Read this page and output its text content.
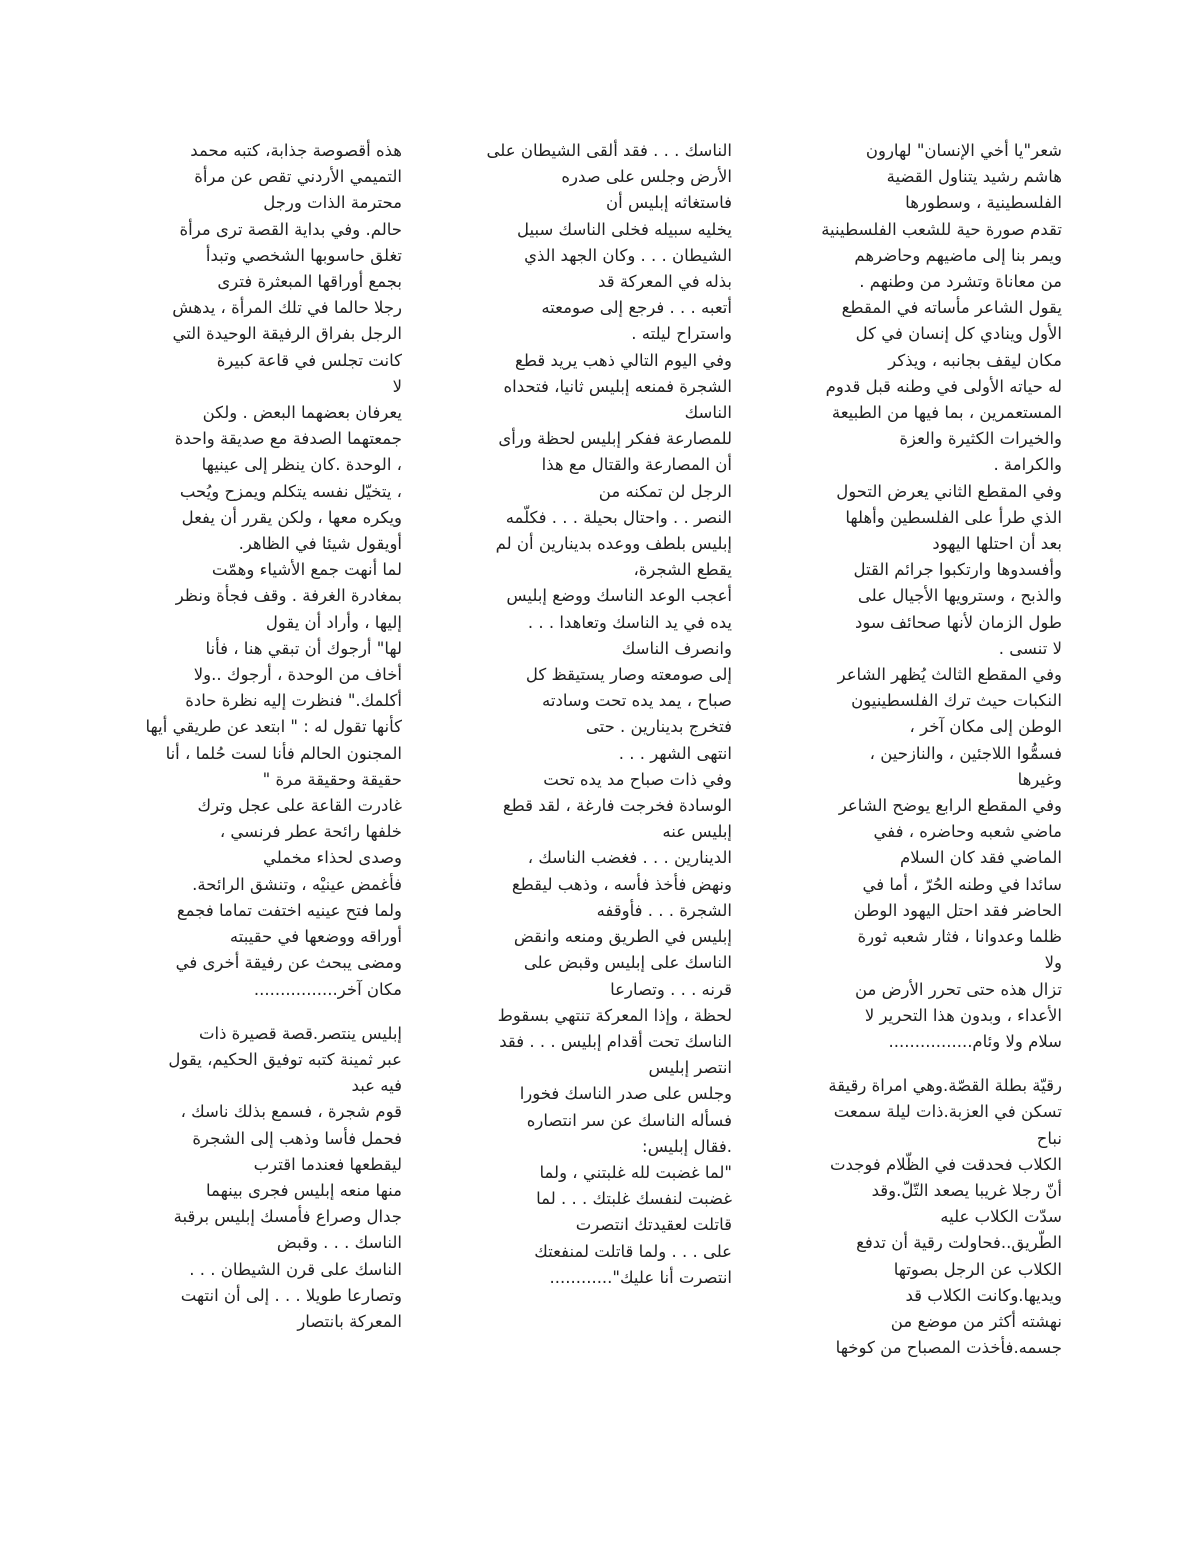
شعر"يا أخي الإنسان" لهارون

هاشم رشيد يتناول القضية

الفلسطينية ، وسطورها

تقدم صورة حية للشعب الفلسطينية

ويمر بنا إلى ماضيهم وحاضرهم

من معاناة وتشرد من وطنهم .

يقول الشاعر مأساته في المقطع

الأول وينادي كل إنسان في كل

مكان ليقف بجانبه ، ويذكر

له حياته الأولى في وطنه قبل قدوم

المستعمرين ، بما فيها من الطبيعة

والخيرات الكثيرة والعزة

والكرامة .

وفي المقطع الثاني يعرض التحول

الذي طرأ على الفلسطين وأهلها

بعد أن احتلها اليهود

وأفسدوها وارتكبوا جرائم القتل

والذبح ، وسترويها الأجيال على

طول الزمان لأنها صحائف سود

لا تنسى .

وفي المقطع الثالث يُظهر الشاعر

النكبات حيث ترك الفلسطينيون

الوطن إلى مكان آخر ،

فسمُّوا اللاجئين ، والنازحين ،

وغيرها

وفي المقطع الرابع يوضح الشاعر

ماضي شعبه وحاضره ، ففي

الماضي فقد كان السلام

سائدا في وطنه الحُرّ ، أما في

الحاضر فقد احتل اليهود الوطن

ظلما وعدوانا ، فثار شعبه ثورة

ولا

تزال هذه حتى تحرر الأرض من

الأعداء ، وبدون هذا التحرير لا

سلام ولا وئام................

رقيّة بطلة القصّة.وهي امراة رقيقة

تسكن في العزبة.ذات ليلة سمعت

نباح

الكلاب فحدقت في الظّلام فوجدت

أنّ رجلا غريبا يصعد التّلّ.وقد

سدّت الكلاب عليه

الطّريق..فحاولت رقية أن تدفع

الكلاب عن الرجل بصوتها

ويديها.وكانت الكلاب قد

نهشته أكثر من موضع من

جسمه.فأخذت المصباح من كوخها

الناسك . . . فقد ألقى الشيطان على

الأرض وجلس على صدره

فاستغاثه إبليس أن

يخليه سبيله فخلى الناسك سبيل

الشيطان . . . وكان الجهد الذي

بذله في المعركة قد

أتعبه . . . فرجع إلى صومعته

واستراح ليلته .

وفي اليوم التالي ذهب يريد قطع

الشجرة فمنعه إبليس ثانيا، فتحداه

الناسك

للمصارعة ففكر إبليس لحظة ورأى

أن المصارعة والقتال مع هذا

الرجل لن تمكنه من

النصر . . واحتال بحيلة . . . فكلّمه

إبليس بلطف ووعده بدينارين أن لم

يقطع الشجرة،

أعجب الوعد الناسك ووضع إبليس

يده في يد الناسك وتعاهدا . . .

وانصرف الناسك

إلى صومعته وصار يستيقظ كل

صباح ، يمد يده تحت وسادته

فتخرج بدينارين . حتى

انتهى الشهر . . .

وفي ذات صباح مد يده تحت

الوسادة فخرجت فارغة ، لقد قطع

إبليس عنه

الدينارين . . . فغضب الناسك ،

ونهض فأخذ فأسه ، وذهب ليقطع

الشجرة . . . فأوقفه

إبليس في الطريق ومنعه وانقض

الناسك على إبليس وقبض على

قرنه . . . وتصارعا

لحظة ، وإذا المعركة تنتهي بسقوط

الناسك تحت أقدام إبليس . . . فقد

انتصر إبليس

وجلس على صدر الناسك فخورا

فسأله الناسك عن سر انتصاره

.فقال إبليس:

"لما غضبت لله غلبتني ، ولما

غضبت لنفسك غلبتك . . . لما

قاتلت لعقيدتك انتصرت

على . . . ولما قاتلت لمنفعتك

انتصرت أنا عليك"............

هذه أقصوصة جذابة، كتبه محمد

التميمي الأردني تقص عن مرأة

محترمة الذات ورجل

حالم. وفي بداية القصة ترى مرأة

تغلق حاسوبها الشخصي وتبدأ

بجمع أوراقها المبعثرة فترى

رجلا حالما في تلك المرأة ، يدهش

الرجل بفراق الرفيقة الوحيدة التي

كانت تجلس في قاعة كبيرة

لا

يعرفان بعضهما البعض . ولكن

جمعتهما الصدفة مع صديقة واحدة

، الوحدة .كان ينظر إلى عينيها

، يتخيّل نفسه يتكلم ويمزح ويُحب

ويكره معها ، ولكن يقرر أن يفعل

أويقول شيئا في الظاهر.

لما أنهت جمع الأشياء وهمّت

بمغادرة الغرفة . وقف فجأة ونظر

إليها ، وأراد أن يقول

لها" أرجوك أن تبقي هنا ، فأنا

أخاف من الوحدة ، أرجوك ..ولا

أكلمك." فنظرت إليه نظرة حادة

كأنها تقول له : " ابتعد عن طريقي أيها

المجنون الحالم فأنا لست حُلما ، أنا

حقيقة وحقيقة مرة "

غادرت القاعة على عجل وترك

خلفها رائحة عطر فرنسي ،

وصدى لحذاء مخملي

فأغمض عينيْه ، وتنشق الرائحة.

ولما فتح عينيه اختفت تماما فجمع

أوراقه ووضعها في حقيبته

ومضى يبحث عن رفيقة أخرى في

مكان آخر................

إبليس ينتصر.قصة قصيرة ذات

عبر ثمينة كتبه توفيق الحكيم، يقول

فيه عبد

قوم شجرة ، فسمع بذلك ناسك ،

فحمل فأسا وذهب إلى الشجرة

ليقطعها فعندما اقترب

منها منعه إبليس فجرى بينهما

جدال وصراع فأمسك إبليس برقبة

الناسك . . . وقبض

الناسك على قرن الشيطان . . .

وتصارعا طويلا . . . إلى أن انتهت

المعركة بانتصار
